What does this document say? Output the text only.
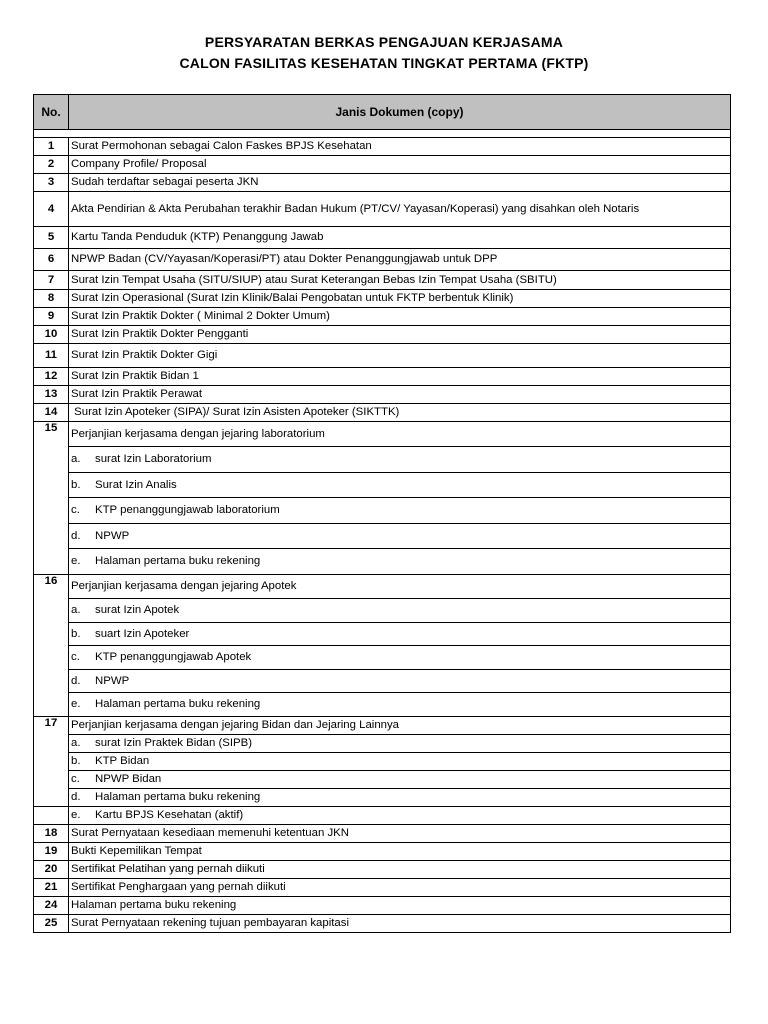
PERSYARATAN BERKAS PENGAJUAN KERJASAMA
CALON FASILITAS KESEHATAN TINGKAT PERTAMA (FKTP)
No.	Janis Dokumen (copy)

1	Surat Permohonan sebagai Calon Faskes BPJS Kesehatan
2	Company Profile/ Proposal
3	Sudah terdaftar sebagai peserta JKN
4	Akta Pendirian & Akta Perubahan terakhir Badan Hukum (PT/CV/ Yayasan/Koperasi) yang disahkan oleh Notaris
5	Kartu Tanda Penduduk (KTP) Penanggung Jawab
6	NPWP Badan (CV/Yayasan/Koperasi/PT) atau Dokter Penanggungjawab untuk DPP
7	Surat Izin Tempat Usaha (SITU/SIUP) atau Surat Keterangan Bebas Izin Tempat Usaha (SBITU)
8	Surat Izin Operasional (Surat Izin Klinik/Balai Pengobatan untuk FKTP berbentuk Klinik)
9	Surat Izin Praktik Dokter ( Minimal 2 Dokter Umum)
10	Surat Izin Praktik Dokter Pengganti
11	Surat Izin Praktik Dokter Gigi
12	Surat Izin Praktik Bidan 1
13	Surat Izin Praktik Perawat
14	Surat Izin Apoteker (SIPA)/ Surat Izin Asisten Apoteker (SIKTTK)
15	Perjanjian kerjasama dengan jejaring laboratorium
	a. surat Izin Laboratorium
	b. Surat Izin Analis
	c. KTP penanggungjawab laboratorium
	d. NPWP
	e. Halaman pertama buku rekening
16	Perjanjian kerjasama dengan jejaring Apotek
	a. surat Izin Apotek
	b. suart Izin Apoteker
	c. KTP penanggungjawab Apotek
	d. NPWP
	e. Halaman pertama buku rekening
17	Perjanjian kerjasama dengan jejaring Bidan dan Jejaring Lainnya
	a. surat Izin Praktek Bidan (SIPB)
	b. KTP Bidan
	c. NPWP Bidan
	d. Halaman pertama buku rekening
	e. Kartu BPJS Kesehatan (aktif)
18	Surat Pernyataan kesediaan memenuhi ketentuan JKN
19	Bukti Kepemilikan Tempat
20	Sertifikat Pelatihan yang pernah diikuti
21	Sertifikat Penghargaan yang pernah diikuti
24	Halaman pertama buku rekening
25	Surat Pernyataan rekening tujuan pembayaran kapitasi
